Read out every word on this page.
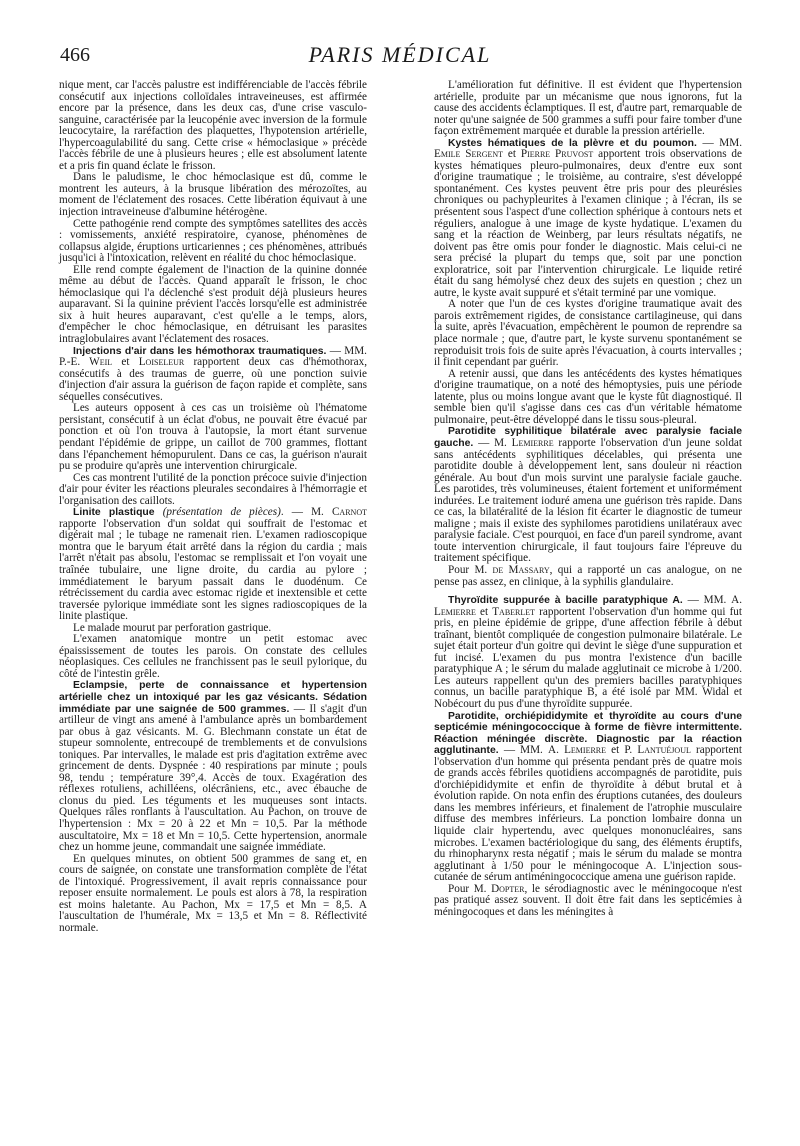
466	PARIS MÉDICAL

nique ment, car l'accès palustre est indifférenciable de l'accès fébrile consécutif aux injections colloïdales intraveineuses, est affirmée encore par la présence, dans les deux cas, d'une crise vasculo-sanguine, caractérisée par la leucopénie avec inversion de la formule leucocytaire, la raréfaction des plaquettes, l'hypotension artérielle, l'hypercoagulabilité du sang. Cette crise « hémoclasique » précède l'accès fébrile de une à plusieurs heures ; elle est absolument latente et a pris fin quand éclate le frisson.

Dans le paludisme, le choc hémoclasique est dû, comme le montrent les auteurs, à la brusque libération des mérozoïtes, au moment de l'éclatement des rosaces. Cette libération équivaut à une injection intraveineuse d'albumine hétérogène.

Cette pathogénie rend compte des symptômes satellites des accès : vomissements, anxiété respiratoire, cyanose, phénomènes de collapsus algide, éruptions urticariennes ; ces phénomènes, attribués jusqu'ici à l'intoxication, relèvent en réalité du choc hémoclasique.

Elle rend compte également de l'inaction de la quinine donnée même au début de l'accès. Quand apparaît le frisson, le choc hémoclasique qui l'a déclenché s'est produit déjà plusieurs heures auparavant. Si la quinine prévient l'accès lorsqu'elle est administrée six à huit heures auparavant, c'est qu'elle a le temps, alors, d'empêcher le choc hémoclasique, en détruisant les parasites intraglobulaires avant l'éclatement des rosaces.

Injections d'air dans les hémothorax traumatiques. — MM. P.-E. Weil et Loiseleur rapportent deux cas d'hémothorax, consécutifs à des traumas de guerre, où une ponction suivie d'injection d'air assura la guérison de façon rapide et complète, sans séquelles consécutives.

Les auteurs opposent à ces cas un troisième où l'hématome persistant, consécutif à un éclat d'obus, ne pouvait être évacué par ponction et où l'on trouva à l'autopsie, la mort étant survenue pendant l'épidémie de grippe, un caillot de 700 grammes, flottant dans l'épanchement hémopurulent. Dans ce cas, la guérison n'aurait pu se produire qu'après une intervention chirurgicale.

Ces cas montrent l'utilité de la ponction précoce suivie d'injection d'air pour éviter les réactions pleurales secondaires à l'hémorragie et l'organisation des caillots.

Linite plastique (présentation de pièces). — M. Carnot rapporte l'observation d'un soldat qui souffrait de l'estomac et digérait mal ; le tubage ne ramenait rien. L'examen radioscopique montra que le baryum était arrêté dans la région du cardia ; mais l'arrêt n'était pas absolu, l'estomac se remplissait et l'on voyait une traînée tubulaire, une ligne droite, du cardia au pylore ; immédiatement le baryum passait dans le duodénum. Ce rétrécissement du cardia avec estomac rigide et inextensible et cette traversée pylorique immédiate sont les signes radioscopiques de la linite plastique.

Le malade mourut par perforation gastrique.

L'examen anatomique montre un petit estomac avec épaississement de toutes les parois. On constate des cellules néoplasiques. Ces cellules ne franchissent pas le seuil pylorique, du côté de l'intestin grêle.

Eclampsie, perte de connaissance et hypertension artérielle chez un intoxiqué par les gaz vésicants. Sédation immédiate par une saignée de 500 grammes. — Il s'agit d'un artilleur de vingt ans amené à l'ambulance après un bombardement par obus à gaz vésicants. M. G. Blechmann constate un état de stupeur somnolente, entrecoupé de tremblements et de convulsions toniques. Par intervalles, le malade est pris d'agitation extrême avec grincement de dents. Dyspnée : 40 respirations par minute ; pouls 98, tendu ; température 39°,4. Accès de toux. Exagération des réflexes rotuliens, achilléens, olécrâniens, etc., avec ébauche de clonus du pied. Les téguments et les muqueuses sont intacts. Quelques râles ronflants à l'auscultation. Au Pachon, on trouve de l'hypertension : Mx = 20 à 22 et Mn = 10,5. Par la méthode auscultatoire, Mx = 18 et Mn = 10,5. Cette hypertension, anormale chez un homme jeune, commandait une saignée immédiate.

En quelques minutes, on obtient 500 grammes de sang et, en cours de saignée, on constate une transformation complète de l'état de l'intoxiqué. Progressivement, il avait repris connaissance pour reposer ensuite normalement. Le pouls est alors à 78, la respiration est moins haletante. Au Pachon, Mx = 17,5 et Mn = 8,5. A l'auscultation de l'humérale, Mx = 13,5 et Mn = 8. Réflectivité normale.

L'amélioration fut définitive. Il est évident que l'hypertension artérielle, produite par un mécanisme que nous ignorons, fut la cause des accidents éclamptiques. Il est, d'autre part, remarquable de noter qu'une saignée de 500 grammes a suffi pour faire tomber d'une façon extrêmement marquée et durable la pression artérielle.

Kystes hématiques de la plèvre et du poumon. — MM. Emile Sergent et Pierre Pruvost apportent trois observations de kystes hématiques pleuro-pulmonaires, deux d'entre eux sont d'origine traumatique ; le troisième, au contraire, s'est développé spontanément. Ces kystes peuvent être pris pour des pleurésies chroniques ou pachypleurites à l'examen clinique ; à l'écran, ils se présentent sous l'aspect d'une collection sphérique à contours nets et réguliers, analogue à une image de kyste hydatique. L'examen du sang et la réaction de Weinberg, par leurs résultats négatifs, ne doivent pas être omis pour fonder le diagnostic. Mais celui-ci ne sera précisé la plupart du temps que, soit par une ponction exploratrice, soit par l'intervention chirurgicale. Le liquide retiré était du sang hémolysé chez deux des sujets en question ; chez un autre, le kyste avait suppuré et s'était terminé par une vomique.

A noter que l'un de ces kystes d'origine traumatique avait des parois extrêmement rigides, de consistance cartilagineuse, qui dans la suite, après l'évacuation, empêchèrent le poumon de reprendre sa place normale ; que, d'autre part, le kyste survenu spontanément se reproduisit trois fois de suite après l'évacuation, à courts intervalles ; il finit cependant par guérir.

A retenir aussi, que dans les antécédents des kystes hématiques d'origine traumatique, on a noté des hémoptysies, puis une période latente, plus ou moins longue avant que le kyste fût diagnostiqué. Il semble bien qu'il s'agisse dans ces cas d'un véritable hématome pulmonaire, peut-être développé dans le tissu sous-pleural.

Parotidite syphilitique bilatérale avec paralysie faciale gauche. — M. Lemierre rapporte l'observation d'un jeune soldat sans antécédents syphilitiques décelables, qui présenta une parotidite double à développement lent, sans douleur ni réaction générale. Au bout d'un mois survint une paralysie faciale gauche. Les parotides, très volumineuses, étaient fortement et uniformément indurées. Le traitement ioduré amena une guérison très rapide. Dans ce cas, la bilatéralité de la lésion fit écarter le diagnostic de tumeur maligne ; mais il existe des syphilomes parotidiens unilatéraux avec paralysie faciale. C'est pourquoi, en face d'un pareil syndrome, avant toute intervention chirurgicale, il faut toujours faire l'épreuve du traitement spécifique.

Pour M. de Massary, qui a rapporté un cas analogue, on ne pense pas assez, en clinique, à la syphilis glandulaire.

Thyroïdite suppurée à bacille paratyphique A. — MM. A. Lemierre et Taberlet rapportent l'observation d'un homme qui fut pris, en pleine épidémie de grippe, d'une affection fébrile à début traînant, bientôt compliquée de congestion pulmonaire bilatérale. Le sujet était porteur d'un goitre qui devint le siège d'une suppuration et fut incisé. L'examen du pus montra l'existence d'un bacille paratyphique A ; le sérum du malade agglutinait ce microbe à 1/200. Les auteurs rappellent qu'un des premiers bacilles paratyphiques connus, un bacille paratyphique B, a été isolé par MM. Widal et Nobécourt du pus d'une thyroïdite suppurée.

Parotidite, orchiépididymite et thyroïdite au cours d'une septicémie méningococcique à forme de fièvre intermittente. Réaction méningée discrète. Diagnostic par la réaction agglutinante. — MM. A. Lemierre et P. Lantuéjoul rapportent l'observation d'un homme qui présenta pendant près de quatre mois de grands accès fébriles quotidiens accompagnés de parotidite, puis d'orchiépididymite et enfin de thyroïdite à début brutal et à évolution rapide. On nota enfin des éruptions cutanées, des douleurs dans les membres inférieurs, et finalement de l'atrophie musculaire diffuse des membres inférieurs. La ponction lombaire donna un liquide clair hypertendu, avec quelques mononucléaires, sans microbes. L'examen bactériologique du sang, des éléments éruptifs, du rhinopharynx resta négatif ; mais le sérum du malade se montra agglutinant à 1/50 pour le méningocoque A. L'injection sous-cutanée de sérum antiméningococcique amena une guérison rapide.

Pour M. Dopter, le sérodiagnostic avec le méningocoque n'est pas pratiqué assez souvent. Il doit être fait dans les septicémies à méningocoques et dans les méningites à
